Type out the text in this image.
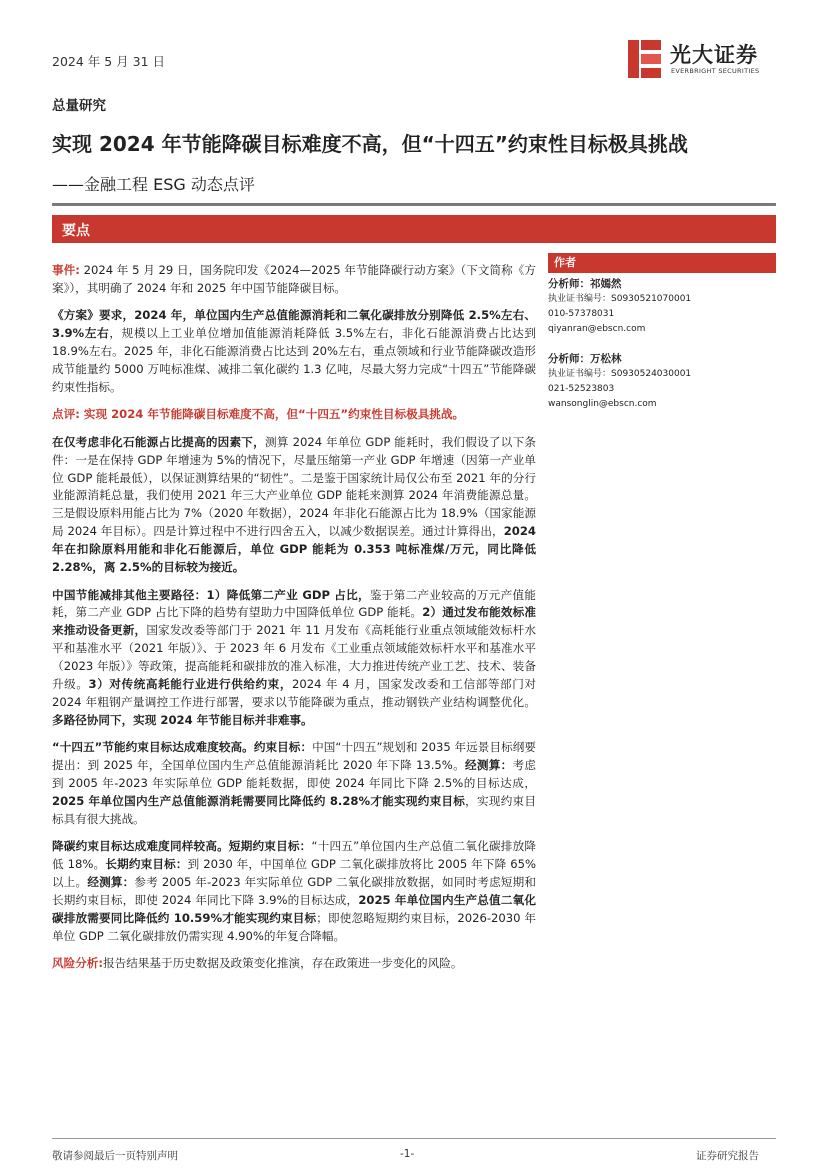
2024 年 5 月 31 日	光大证券
EVERBRIGHT SECURITIES
总量研究
实现 2024 年节能降碳目标难度不高，但“十四五”约束性目标极具挑战
——金融工程 ESG 动态点评
要点

事件: 2024 年 5 月 29 日，国务院印发《2024—2025 年节能降碳行动方案》（下文简称《方案》），其明确了 2024 年和 2025 年中国节能降碳目标。

《方案》要求，2024 年，单位国内生产总值能源消耗和二氧化碳排放分别降低 2.5%左右、3.9%左右，规模以上工业单位增加值能源消耗降低 3.5%左右，非化石能源消费占比达到 18.9%左右。2025 年，非化石能源消费占比达到 20%左右，重点领域和行业节能降碳改造形成节能量约 5000 万吨标准煤、减排二氧化碳约 1.3 亿吨，尽最大努力完成“十四五”节能降碳约束性指标。

点评: 实现 2024 年节能降碳目标难度不高，但“十四五”约束性目标极具挑战。

在仅考虑非化石能源占比提高的因素下，测算 2024 年单位 GDP 能耗时，我们假设了以下条件：一是在保持 GDP 年增速为 5%的情况下，尽量压缩第一产业 GDP 年增速（因第一产业单位 GDP 能耗最低），以保证测算结果的“韧性”。二是鉴于国家统计局仅公布至 2021 年的分行业能源消耗总量，我们使用 2021 年三大产业单位 GDP 能耗来测算 2024 年消费能源总量。三是假设原料用能占比为 7%（2020 年数据），2024 年非化石能源占比为 18.9%（国家能源局 2024 年目标）。四是计算过程中不进行四舍五入，以减少数据误差。通过计算得出，2024 年在扣除原料用能和非化石能源后，单位 GDP 能耗为 0.353 吨标准煤/万元，同比降低 2.28%，离 2.5%的目标较为接近。

中国节能减排其他主要路径：1）降低第二产业 GDP 占比，鉴于第二产业较高的万元产值能耗，第二产业 GDP 占比下降的趋势有望助力中国降低单位 GDP 能耗。2）通过发布能效标准来推动设备更新，国家发改委等部门于 2021 年 11 月发布《高耗能行业重点领域能效标杆水平和基准水平（2021 年版）》、于 2023 年 6 月发布《工业重点领域能效标杆水平和基准水平（2023 年版）》等政策，提高能耗和碳排放的准入标准，大力推进传统产业工艺、技术、装备升级。3）对传统高耗能行业进行供给约束，2024 年 4 月，国家发改委和工信部等部门对 2024 年粗钢产量调控工作进行部署，要求以节能降碳为重点，推动钢铁产业结构调整优化。多路径协同下，实现 2024 年节能目标并非难事。

“十四五”节能约束目标达成难度较高。约束目标：中国“十四五”规划和 2035 年远景目标纲要提出：到 2025 年，全国单位国内生产总值能源消耗比 2020 年下降 13.5%。经测算：考虑到 2005 年-2023 年实际单位 GDP 能耗数据，即使 2024 年同比下降 2.5%的目标达成，2025 年单位国内生产总值能源消耗需要同比降低约 8.28%才能实现约束目标，实现约束目标具有很大挑战。

降碳约束目标达成难度同样较高。短期约束目标：“十四五”单位国内生产总值二氧化碳排放降低 18%。长期约束目标：到 2030 年，中国单位 GDP 二氧化碳排放将比 2005 年下降 65%以上。经测算：参考 2005 年-2023 年实际单位 GDP 二氧化碳排放数据，如同时考虑短期和长期约束目标，即使 2024 年同比下降 3.9%的目标达成，2025 年单位国内生产总值二氧化碳排放需要同比降低约 10.59%才能实现约束目标；即使忽略短期约束目标，2026-2030 年单位 GDP 二氧化碳排放仍需实现 4.90%的年复合降幅。

风险分析:报告结果基于历史数据及政策变化推演，存在政策进一步变化的风险。

作者
分析师：祁嫣然
执业证书编号：S0930521070001
010-57378031
qiyanran@ebscn.com
分析师：万松林
执业证书编号：S0930524030001
021-52523803
wansonglin@ebscn.com
敬请参阅最后一页特别声明	-1-	证券研究报告
